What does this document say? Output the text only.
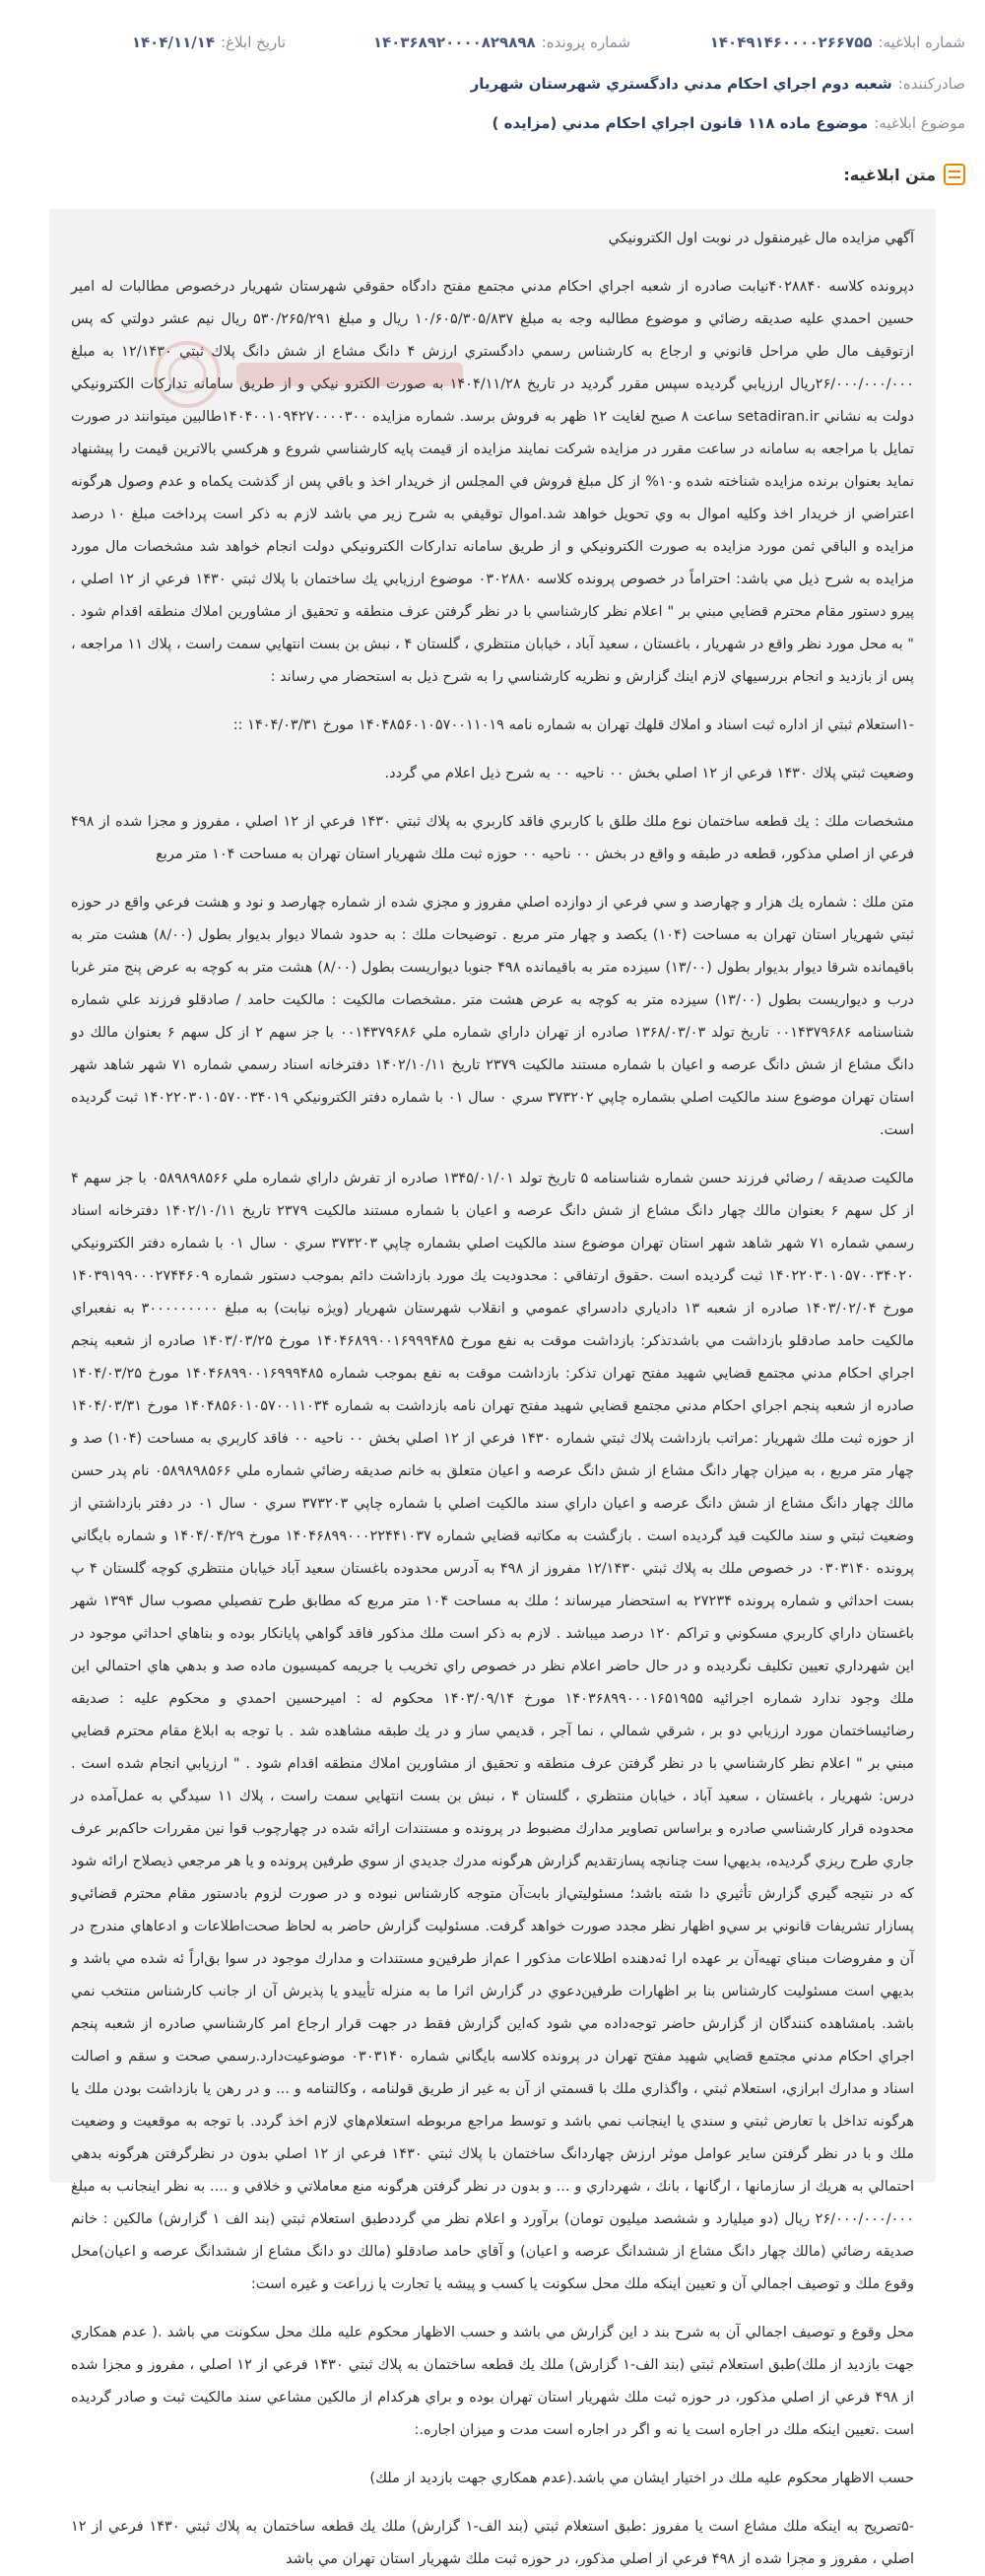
شماره ابلاغيه:
۱۴۰۴۹۱۴۶۰۰۰۰۲۶۶۷۵۵
شماره پرونده:
۱۴۰۳۶۸۹۲۰۰۰۰۸۲۹۸۹۸
تاريخ ابلاغ:
۱۴۰۴/۱۱/۱۴
صادرکننده:
شعبه دوم اجراي احكام مدني دادگستري شهرستان شهريار
موضوع ابلاغيه:
موضوع ماده ۱۱۸ قانون اجراي احكام مدني (مزايده )
متن ابلاغيه:

آگهي مزايده مال غيرمنقول در نوبت اول الكترونيكي

دپرونده كلاسه ۴۰۲۸۸۴۰نيابت صادره از شعبه اجراي احكام مدني مجتمع مفتح دادگاه حقوقي شهرستان شهريار درخصوص مطالبات له امير حسين احمدي عليه صديقه رضائي و موضوع مطالبه وجه به مبلغ ۱۰/۶۰۵/۳۰۵/۸۳۷ ريال و مبلغ ۵۳۰/۲۶۵/۲۹۱ ريال نيم عشر دولتي كه پس ازتوقيف مال طي مراحل قانوني و ارجاع به كارشناس رسمي دادگستري ارزش ۴ دانگ مشاع از شش دانگ پلاك ثبتي ۱۲/۱۴۳۰ به مبلغ ۲۶/۰۰۰/۰۰۰/۰۰۰ريال ارزيابي گرديده سپس مقرر گرديد در تاريخ ۱۴۰۴/۱۱/۲۸ به صورت الكترو نيكي و از طريق سامانه تداركات الكترونيكي دولت به نشاني setadiran.ir ساعت ۸ صبح لغايت ۱۲ ظهر به فروش برسد. شماره مزايده ۱۴۰۴۰۰۱۰۹۴۲۷۰۰۰۰۳۰۰طالبين ميتوانند در صورت تمايل با مراجعه به سامانه در ساعت مقرر در مزايده شركت نمايند مزايده از قيمت پايه كارشناسي شروع و هركسي بالاترين قيمت را پيشنهاد نمايد بعنوان برنده مزايده شناخته شده و۱۰% از كل مبلغ فروش في المجلس از خريدار اخذ و باقي پس از گذشت يكماه و عدم وصول هرگونه اعتراضي از خريدار اخذ وكليه اموال به وي تحويل خواهد شد.اموال توقيفي به شرح زير مي باشد لازم به ذكر است پرداخت مبلغ ۱۰ درصد مزايده و الباقي ثمن مورد مزايده به صورت الكترونيكي و از طريق سامانه تداركات الكترونيكي دولت انجام خواهد شد مشخصات مال مورد مزايده به شرح ذيل مي باشد: احتراماً در خصوص پرونده كلاسه ۰۳۰۲۸۸۰ موضوع ارزيابي يك ساختمان با پلاك ثبتي ۱۴۳۰ فرعي از ۱۲ اصلي ، پيرو دستور مقام محترم قضايي مبني بر " اعلام نظر كارشناسي با در نظر گرفتن عرف منطقه و تحقيق از مشاورين املاك منطقه اقدام شود . " به محل مورد نظر واقع در شهريار ، باغستان ، سعيد آباد ، خيابان منتظري ، گلستان ۴ ، نبش بن بست انتهايي سمت راست ، پلاك ۱۱ مراجعه ، پس از بازديد و انجام بررسيهاي لازم اينك گزارش و نظريه كارشناسي را به شرح ذيل به استحضار مي رساند :

-۱استعلام ثبتي از اداره ثبت اسناد و املاك قلهك تهران به شماره نامه ۱۴۰۴۸۵۶۰۱۰۵۷۰۰۱۱۰۱۹ مورخ ۱۴۰۴/۰۳/۳۱ ::

وضعيت ثبتي پلاك ۱۴۳۰ فرعي از ۱۲ اصلي بخش ۰۰ ناحيه ۰۰ به شرح ذيل اعلام مي گردد.

مشخصات ملك : يك قطعه ساختمان نوع ملك طلق با كاربري فاقد كاربري به پلاك ثبتي ۱۴۳۰ فرعي از ۱۲ اصلي ، مفروز و مجزا شده از ۴۹۸ فرعي از اصلي مذكور، قطعه در طبقه و واقع در بخش ۰۰ ناحيه ۰۰ حوزه ثبت ملك شهريار استان تهران به مساحت ۱۰۴ متر مربع

متن ملك : شماره يك هزار و چهارصد و سي فرعي از دوازده اصلي مفروز و مجزي شده از شماره چهارصد و نود و هشت فرعي واقع در حوزه ثبتي شهريار استان تهران به مساحت (۱۰۴) يكصد و چهار متر مربع . توضيحات ملك : به حدود شمالا ديوار بديوار بطول (۸/۰۰) هشت متر به باقيمانده شرقا ديوار بديوار بطول (۱۳/۰۰) سيزده متر به باقيمانده ۴۹۸ جنوبا ديواريست بطول (۸/۰۰) هشت متر به كوچه به عرض پنج متر غربا درب و ديواريست بطول (۱۳/۰۰) سيزده متر به كوچه به عرض هشت متر .مشخصات مالكيت : مالكيت حامد / صادقلو فرزند علي شماره شناسنامه ۰۰۱۴۳۷۹۶۸۶ تاريخ تولد ۱۳۶۸/۰۳/۰۳ صادره از تهران داراي شماره ملي ۰۰۱۴۳۷۹۶۸۶ با جز سهم ۲ از كل سهم ۶ بعنوان مالك دو دانگ مشاع از شش دانگ عرصه و اعيان با شماره مستند مالكيت ۲۳۷۹ تاريخ ۱۴۰۲/۱۰/۱۱ دفترخانه اسناد رسمي شماره ۷۱ شهر شاهد شهر استان تهران موضوع سند مالكيت اصلي بشماره چاپي ۳۷۳۲۰۲ سري ۰ سال ۰۱ با شماره دفتر الكترونيكي ۱۴۰۲۲۰۳۰۱۰۵۷۰۰۳۴۰۱۹ ثبت گرديده است.

مالكيت صديقه / رضائي فرزند حسن شماره شناسنامه ۵ تاريخ تولد ۱۳۴۵/۰۱/۰۱ صادره از تفرش داراي شماره ملي ۰۵۸۹۸۹۸۵۶۶ با جز سهم ۴ از كل سهم ۶ بعنوان مالك چهار دانگ مشاع از شش دانگ عرصه و اعيان با شماره مستند مالكيت ۲۳۷۹ تاريخ ۱۴۰۲/۱۰/۱۱ دفترخانه اسناد رسمي شماره ۷۱ شهر شاهد شهر استان تهران موضوع سند مالكيت اصلي بشماره چاپي ۳۷۳۲۰۳ سري ۰ سال ۰۱ با شماره دفتر الكترونيكي ۱۴۰۲۲۰۳۰۱۰۵۷۰۰۳۴۰۲۰ ثبت گرديده است .حقوق ارتفاقي : محدوديت يك مورد بازداشت دائم بموجب دستور شماره ۱۴۰۳۹۱۹۹۰۰۰۲۷۴۴۶۰۹ مورخ ۱۴۰۳/۰۲/۰۴ صادره از شعبه ۱۳ دادياري دادسراي عمومي و انقلاب شهرستان شهريار (ويژه نيابت) به مبلغ ۳۰۰۰۰۰۰۰۰۰ به نفعبراي مالكيت حامد صادقلو بازداشت مي باشدتذكر: بازداشت موقت به نفع مورخ ۱۴۰۴۶۸۹۹۰۰۱۶۹۹۹۴۸۵ مورخ ۱۴۰۳/۰۳/۲۵ صادره از شعبه پنجم اجراي احكام مدني مجتمع قضايي شهيد مفتح تهران تذكر: بازداشت موقت به نفع بموجب شماره ۱۴۰۴۶۸۹۹۰۰۱۶۹۹۹۴۸۵ مورخ ۱۴۰۴/۰۳/۲۵ صادره از شعبه پنجم اجراي احكام مدني مجتمع قضايي شهيد مفتح تهران نامه بازداشت به شماره ۱۴۰۴۸۵۶۰۱۰۵۷۰۰۱۱۰۳۴ مورخ ۱۴۰۴/۰۳/۳۱ از حوزه ثبت ملك شهريار :مراتب بازداشت پلاك ثبتي شماره ۱۴۳۰ فرعي از ۱۲ اصلي بخش ۰۰ ناحيه ۰۰ فاقد كاربري به مساحت (۱۰۴) صد و چهار متر مربع ، به ميزان چهار دانگ مشاع از شش دانگ عرصه و اعيان متعلق به خانم صديقه رضائي شماره ملي ۰۵۸۹۸۹۸۵۶۶ نام پدر حسن مالك چهار دانگ مشاع از شش دانگ عرصه و اعيان داراي سند مالكيت اصلي با شماره چاپي ۳۷۳۲۰۳ سري ۰ سال ۰۱ در دفتر بازداشتي از وضعيت ثبتي و سند مالكيت قيد گرديده است . بازگشت به مكاتبه قضايي شماره ۱۴۰۴۶۸۹۹۰۰۰۲۲۴۴۱۰۳۷ مورخ ۱۴۰۴/۰۴/۲۹ و شماره بايگاني پرونده ۰۳۰۳۱۴۰ در خصوص ملك به پلاك ثبتي ۱۲/۱۴۳۰ مفروز از ۴۹۸ به آدرس محدوده باغستان سعيد آباد خيابان منتظري كوچه گلستان ۴ پ بست احداثي و شماره پرونده ۲۷۲۳۴ به استحضار ميرساند ؛ ملك به مساحت ۱۰۴ متر مربع كه مطابق طرح تفصيلي مصوب سال ۱۳۹۴ شهر باغستان داراي كاربري مسكوني و تراكم ۱۲۰ درصد ميباشد . لازم به ذكر است ملك مذكور فاقد گواهي پايانكار بوده و بناهاي احداثي موجود در اين شهرداري تعيين تكليف نگرديده و در حال حاضر اعلام نظر در خصوص راي تخريب يا جريمه كميسيون ماده صد و بدهي هاي احتمالي اين ملك وجود ندارد شماره اجرائيه ۱۴۰۳۶۸۹۹۰۰۰۱۶۵۱۹۵۵ مورخ ۱۴۰۳/۰۹/۱۴ محكوم له : اميرحسين احمدي و محكوم عليه : صديقه رضائيساختمان مورد ارزيابي دو بر ، شرقي شمالي ، نما آجر ، قديمي ساز و در يك طبقه مشاهده شد . با توجه به ابلاغ مقام محترم قضايي مبني بر " اعلام نظر كارشناسي با در نظر گرفتن عرف منطقه و تحقيق از مشاورين املاك منطقه اقدام شود . " ارزيابي انجام شده است . درس: شهريار ، باغستان ، سعيد آباد ، خيابان منتظري ، گلستان ۴ ، نبش بن بست انتهايي سمت راست ، پلاك ۱۱ سيدگي به عمل‌آمده در محدوده قرار كارشناسي صادره و براساس تصاوير مدارك مضبوط در پرونده و مستندات ارائه شده در چهارچوب قوا نين مقررات حاكم‌بر عرف جاري طرح ريزي گرديده، بديهي‌ا ست چنانچه پسازتقديم گزارش هرگونه مدرك جديدي از سوي طرفين پرونده و يا هر مرجعي ذيصلاح ارائه شود كه در نتيجه گيري گزارش تأثيري دا شته باشد؛ مسئوليتي‌از بابت‌آن متوجه كارشناس نبوده و در صورت لزوم بادستور مقام محترم قضائي‌و پسازار تشريفات قانوني بر سي‌و اظهار نظر مجدد صورت خواهد گرفت. مسئوليت گزارش حاضر به لحاظ صحت‌اطلاعات و ادعاهاي مندرج در آن و مفروضات مبناي تهيه‌آن بر عهده ارا ئه‌دهنده اطلاعات مذكور ا عم‌از طرفين‌و مستندات و مدارك موجود در سوا بق‌اراً ئه شده مي باشد و بديهي است مسئوليت كارشناس بنا بر اظهارات طرفين‌دعوي در گزارش اثرا ما به منزله تأييدو يا پذيرش آن از جانب كارشناس منتخب نمي باشد. بامشاهده كنندگان از گزارش حاضر توجه‌داده مي شود كه‌اين گزارش فقط در جهت قرار ارجاع امر كارشناسي صادره از شعبه پنجم اجراي احكام مدني مجتمع قضايي شهيد مفتح تهران در پرونده كلاسه بايگاني شماره ۰۳۰۳۱۴۰ موضوعيت‌دارد.رسمي صحت و سقم و اصالت اسناد و مدارك ابرازي، استعلام ثبتي ، واگذاري ملك با قسمتي از آن به غير از طريق قولنامه ، وكالتنامه و ... و در رهن يا بازداشت بودن ملك يا هرگونه تداخل با تعارض ثبتي و سندي يا اينجانب نمي باشد و توسط مراجع مربوطه استعلام‌هاي لازم اخذ گردد. با توجه به موقعيت و وضعيت ملك و با در نظر گرفتن ساير عوامل موثر ارزش چهاردانگ ساختمان با پلاك ثبتي ۱۴۳۰ فرعي از ۱۲ اصلي بدون در نظرگرفتن هرگونه بدهي احتمالي به هريك از سازمانها ، ارگانها ، بانك ، شهرداري و ... و بدون در نظر گرفتن هرگونه منع معاملاتي و خلافي و .... به نظر اينجانب به مبلغ ۲۶/۰۰۰/۰۰۰/۰۰۰ ريال (دو ميليارد و ششصد ميليون تومان) برآورد و اعلام نظر مي گرددطبق استعلام ثبتي (بند الف ۱ گزارش) مالكين : خانم صديقه رضائي (مالك چهار دانگ مشاع از ششدانگ عرصه و اعيان) و آقاي حامد صادقلو (مالك دو دانگ مشاع از ششدانگ عرصه و اعيان)محل وقوع ملك و توصيف اجمالي آن و تعيين اينكه ملك محل سكونت يا كسب و پيشه يا تجارت يا زراعت و غيره است:

محل وقوع و توصيف اجمالي آن به شرح بند د اين گزارش مي باشد و حسب الاظهار محكوم عليه ملك محل سكونت مي باشد .( عدم همكاري جهت بازديد از ملك)طبق استعلام ثبتي (بند الف-۱ گزارش) ملك يك قطعه ساختمان به پلاك ثبتي ۱۴۳۰ فرعي از ۱۲ اصلي ، مفروز و مجزا شده از ۴۹۸ فرعي از اصلي مذكور، در حوزه ثبت ملك شهريار استان تهران بوده و براي هركدام از مالكين مشاعي سند مالكيت ثبت و صادر گرديده است .تعيين اينكه ملك در اجاره است يا نه و اگر در اجاره است مدت و ميزان اجاره.:

حسب الاظهار محكوم عليه ملك در اختيار ايشان مي باشد.(عدم همكاري جهت بازديد از ملك)

-۵تصريح به اينكه ملك مشاع است يا مفروز :طبق استعلام ثبتي (بند الف-۱ گزارش) ملك يك قطعه ساختمان به پلاك ثبتي ۱۴۳۰ فرعي از ۱۲ اصلي ، مفروز و مجزا شده از ۴۹۸ فرعي از اصلي مذكور، در حوزه ثبت ملك شهريار استان تهران مي باشد
